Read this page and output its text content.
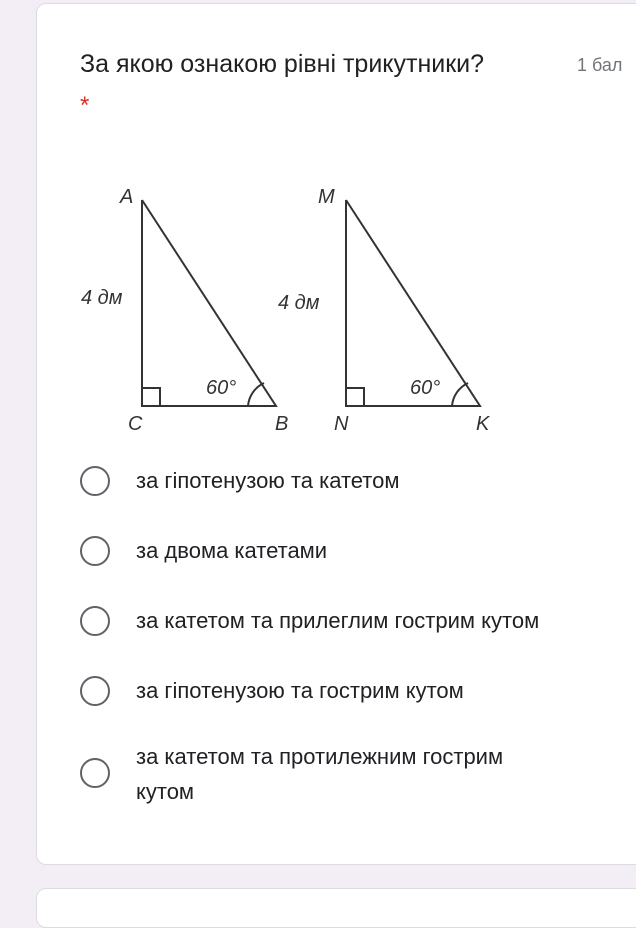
За якою ознакою рівні трикутники?	1 бал
*
A
C	B
4 дм
60°
M
N	K
4 дм
60°
за гіпотенузою та катетом
за двома катетами
за катетом та прилеглим гострим кутом
за гіпотенузою та гострим кутом
за катетом та протилежним гострим
кутом
